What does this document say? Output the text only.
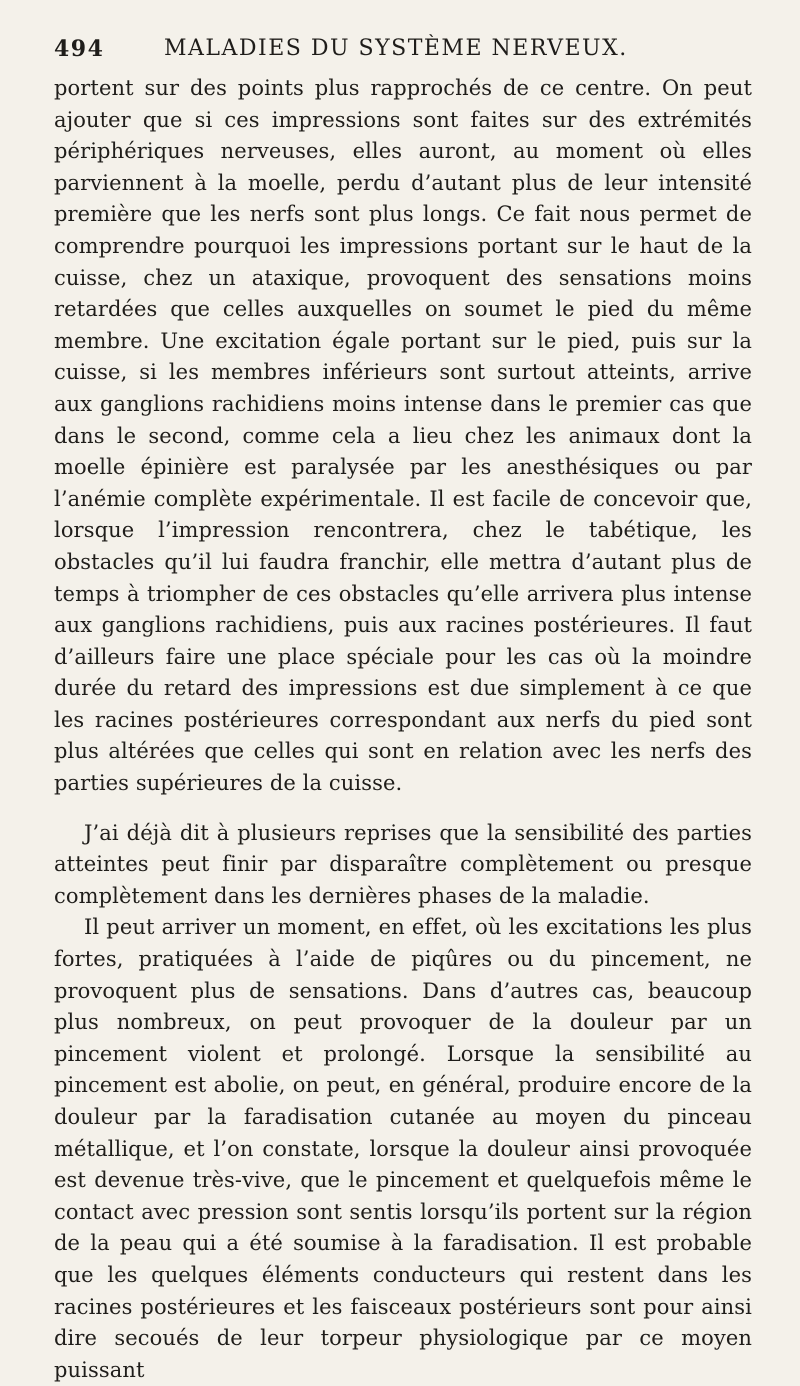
494	MALADIES DU SYSTÈME NERVEUX.

portent sur des points plus rapprochés de ce centre. On peut ajouter que si ces impressions sont faites sur des extrémités périphériques nerveuses, elles auront, au moment où elles parviennent à la moelle, perdu d’autant plus de leur intensité première que les nerfs sont plus longs. Ce fait nous permet de comprendre pourquoi les impressions portant sur le haut de la cuisse, chez un ataxique, provoquent des sensations moins retardées que celles auxquelles on soumet le pied du même membre. Une excitation égale portant sur le pied, puis sur la cuisse, si les membres inférieurs sont surtout atteints, arrive aux ganglions rachidiens moins intense dans le premier cas que dans le second, comme cela a lieu chez les animaux dont la moelle épinière est paralysée par les anesthésiques ou par l’anémie complète expérimentale. Il est facile de concevoir que, lorsque l’impression rencontrera, chez le tabétique, les obstacles qu’il lui faudra franchir, elle mettra d’autant plus de temps à triompher de ces obstacles qu’elle arrivera plus intense aux ganglions rachidiens, puis aux racines postérieures. Il faut d’ailleurs faire une place spéciale pour les cas où la moindre durée du retard des impressions est due simplement à ce que les racines postérieures correspondant aux nerfs du pied sont plus altérées que celles qui sont en relation avec les nerfs des parties supérieures de la cuisse.

J’ai déjà dit à plusieurs reprises que la sensibilité des parties atteintes peut finir par disparaître complètement ou presque complètement dans les dernières phases de la maladie.

Il peut arriver un moment, en effet, où les excitations les plus fortes, pratiquées à l’aide de piqûres ou du pincement, ne provoquent plus de sensations. Dans d’autres cas, beaucoup plus nombreux, on peut provoquer de la douleur par un pincement violent et prolongé. Lorsque la sensibilité au pincement est abolie, on peut, en général, produire encore de la douleur par la faradisation cutanée au moyen du pinceau métallique, et l’on constate, lorsque la douleur ainsi provoquée est devenue très-vive, que le pincement et quelquefois même le contact avec pression sont sentis lorsqu’ils portent sur la région de la peau qui a été soumise à la faradisation. Il est probable que les quelques éléments conducteurs qui restent dans les racines postérieures et les faisceaux postérieurs sont pour ainsi dire secoués de leur torpeur physiologique par ce moyen puissant
